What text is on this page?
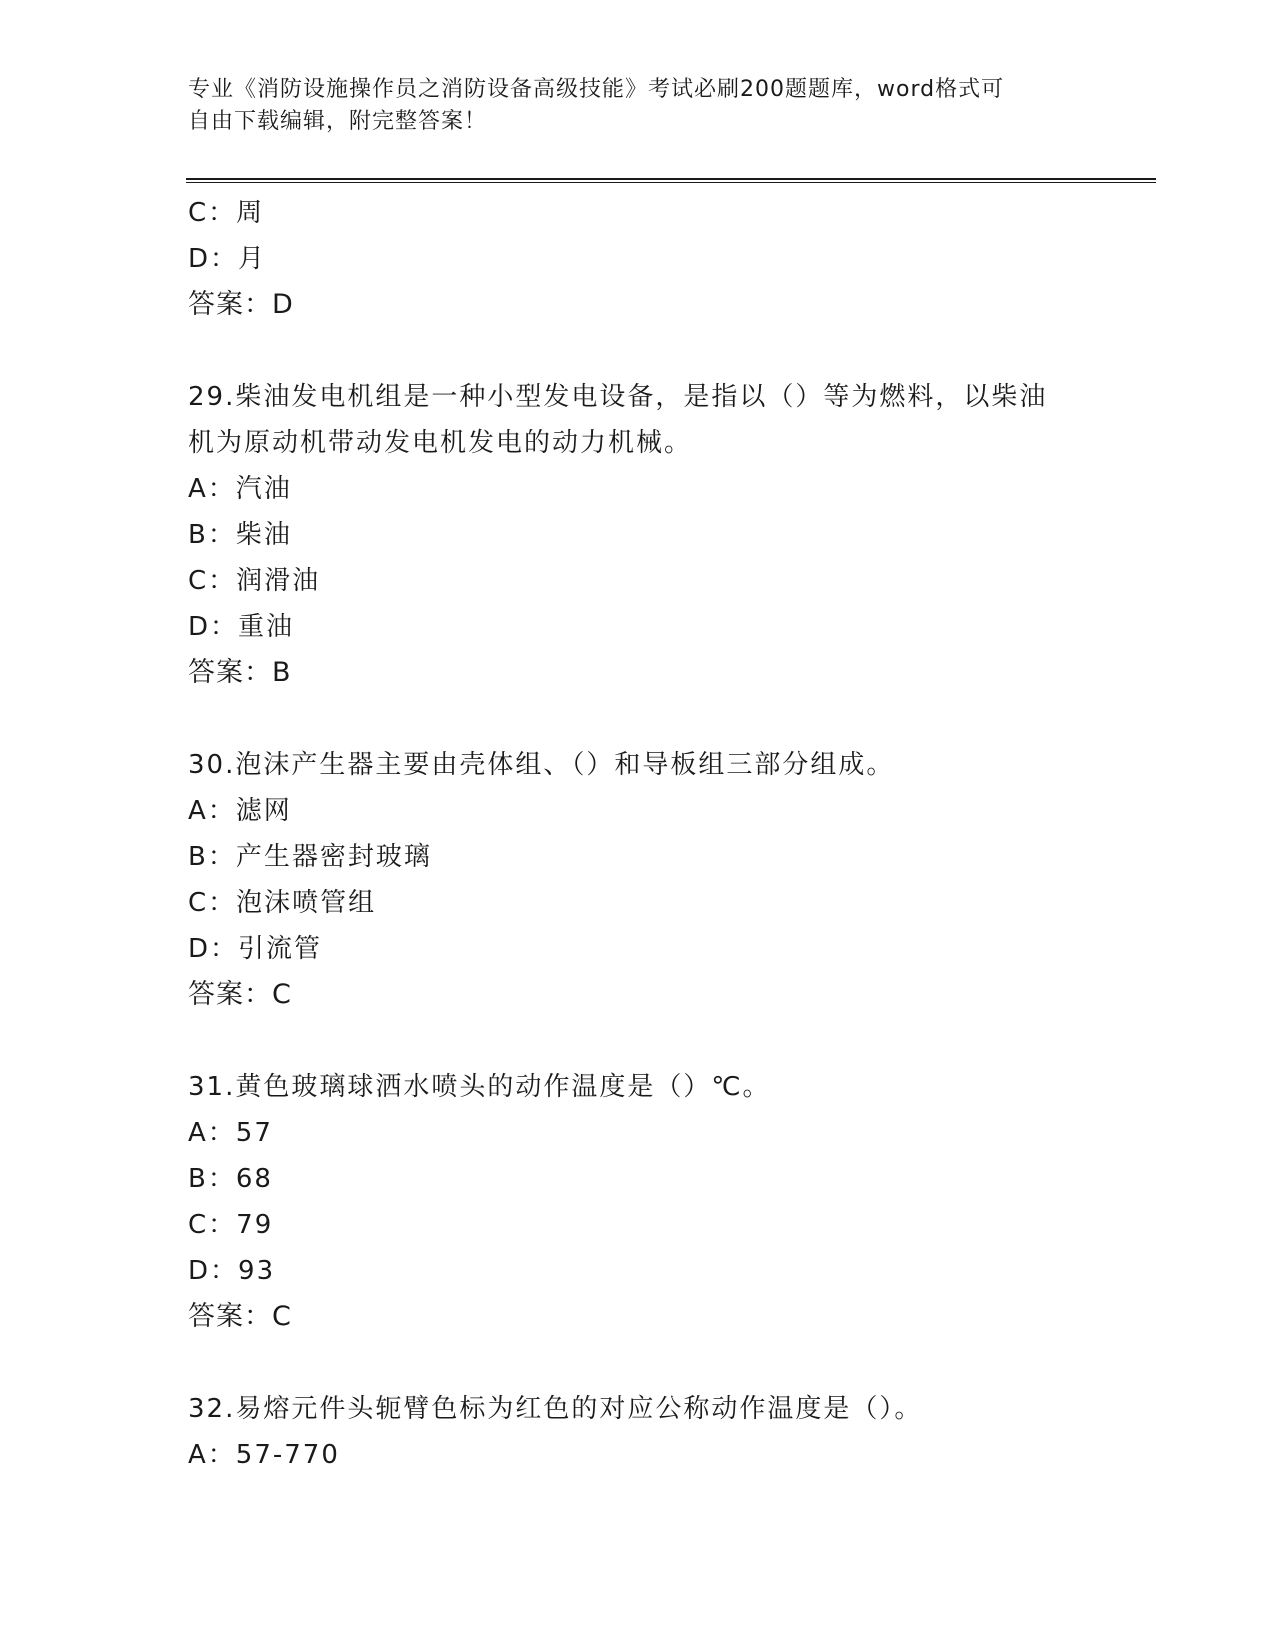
专业《消防设施操作员之消防设备高级技能》考试必刷200题题库，word格式可
自由下载编辑，附完整答案！
C：周
D：月
答案：D
29.柴油发电机组是一种小型发电设备，是指以（）等为燃料，以柴油
机为原动机带动发电机发电的动力机械。
A：汽油
B：柴油
C：润滑油
D：重油
答案：B
30.泡沫产生器主要由壳体组、（）和导板组三部分组成。
A：滤网
B：产生器密封玻璃
C：泡沫喷管组
D：引流管
答案：C
31.黄色玻璃球洒水喷头的动作温度是（）℃。
A：57
B：68
C：79
D：93
答案：C
32.易熔元件头轭臂色标为红色的对应公称动作温度是（）。
A：57-770
